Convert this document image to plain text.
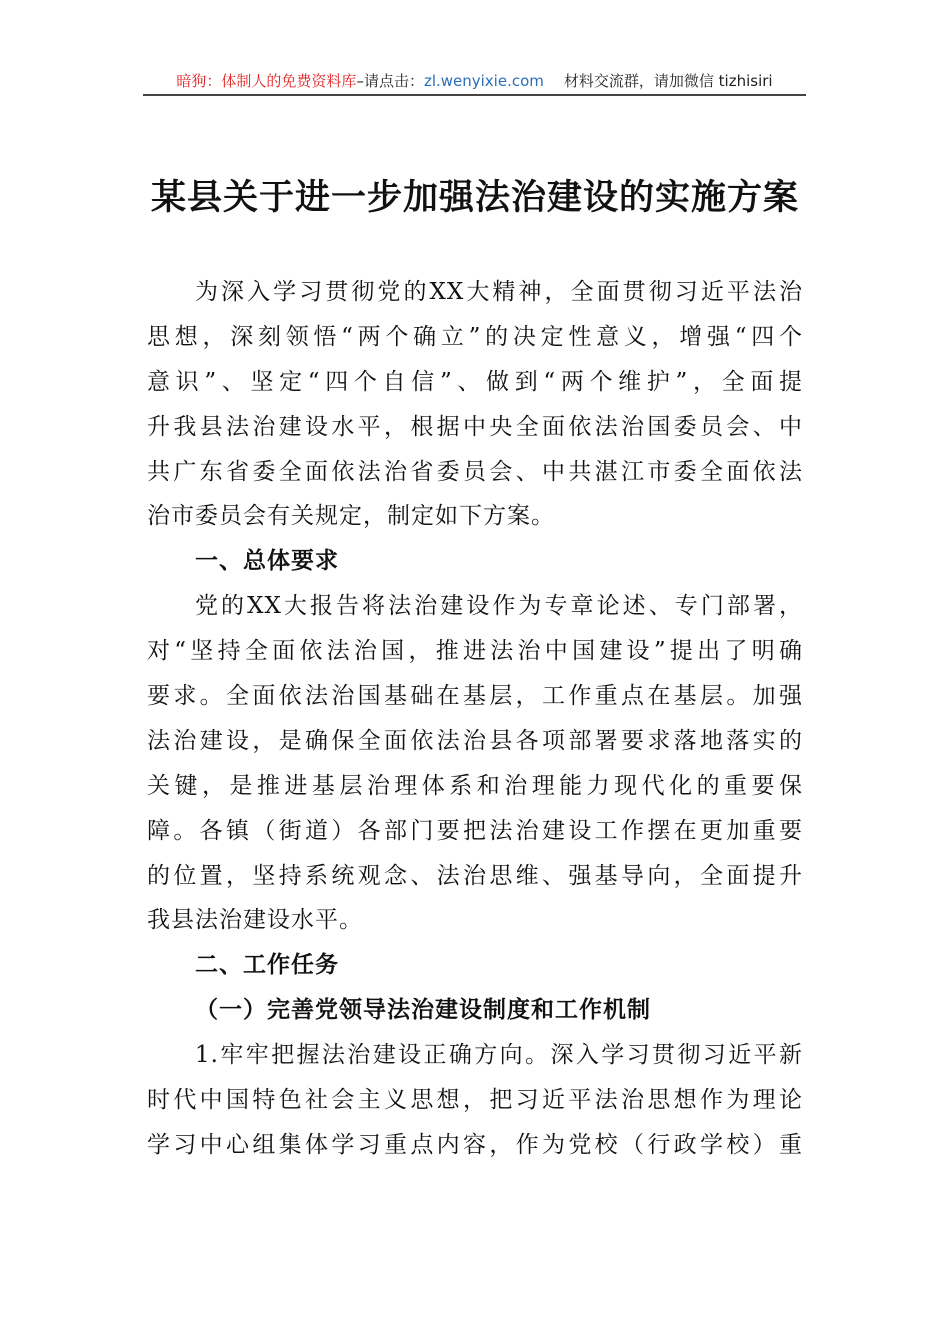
暗狗：体制人的免费资料库–请点击：zl.wenyixie.com 材料交流群，请加微信 tizhisiri
某县关于进一步加强法治建设的实施方案
为深入学习贯彻党的XX大精神，全面贯彻习近平法治
思想，深刻领悟“两个确立”的决定性意义，增强“四个
意识”、坚定“四个自信”、做到“两个维护”，全面提
升我县法治建设水平，根据中央全面依法治国委员会、中
共广东省委全面依法治省委员会、中共湛江市委全面依法
治市委员会有关规定，制定如下方案。
一、总体要求
党的XX大报告将法治建设作为专章论述、专门部署，
对“坚持全面依法治国，推进法治中国建设”提出了明确
要求。全面依法治国基础在基层，工作重点在基层。加强
法治建设，是确保全面依法治县各项部署要求落地落实的
关键，是推进基层治理体系和治理能力现代化的重要保
障。各镇（街道）各部门要把法治建设工作摆在更加重要
的位置，坚持系统观念、法治思维、强基导向，全面提升
我县法治建设水平。
二、工作任务
（一）完善党领导法治建设制度和工作机制
1.牢牢把握法治建设正确方向。深入学习贯彻习近平新
时代中国特色社会主义思想，把习近平法治思想作为理论
学习中心组集体学习重点内容，作为党校（行政学校）重
